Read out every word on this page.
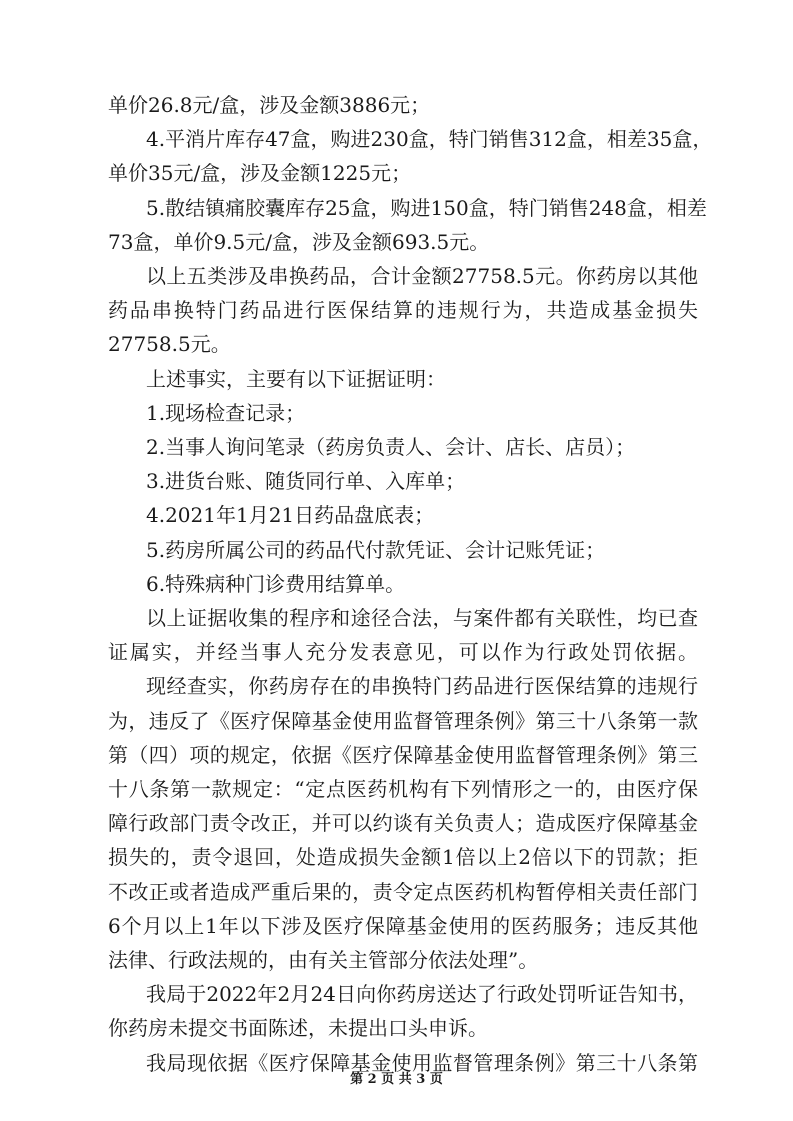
单价26.8元/盒，涉及金额3886元；
4.平消片库存47盒，购进230盒，特门销售312盒，相差35盒，
单价35元/盒，涉及金额1225元；
5.散结镇痛胶囊库存25盒，购进150盒，特门销售248盒，相差
73盒，单价9.5元/盒，涉及金额693.5元。
以上五类涉及串换药品，合计金额27758.5元。你药房以其他
药品串换特门药品进行医保结算的违规行为，共造成基金损失
27758.5元。
上述事实，主要有以下证据证明：
1.现场检查记录；
2.当事人询问笔录（药房负责人、会计、店长、店员）；
3.进货台账、随货同行单、入库单；
4.2021年1月21日药品盘底表；
5.药房所属公司的药品代付款凭证、会计记账凭证；
6.特殊病种门诊费用结算单。
以上证据收集的程序和途径合法，与案件都有关联性，均已查
证属实，并经当事人充分发表意见，可以作为行政处罚依据。
现经查实，你药房存在的串换特门药品进行医保结算的违规行
为，违反了《医疗保障基金使用监督管理条例》第三十八条第一款
第（四）项的规定，依据《医疗保障基金使用监督管理条例》第三
十八条第一款规定：“定点医药机构有下列情形之一的，由医疗保
障行政部门责令改正，并可以约谈有关负责人；造成医疗保障基金
损失的，责令退回，处造成损失金额1倍以上2倍以下的罚款；拒
不改正或者造成严重后果的，责令定点医药机构暂停相关责任部门
6个月以上1年以下涉及医疗保障基金使用的医药服务；违反其他
法律、行政法规的，由有关主管部分依法处理”。
我局于2022年2月24日向你药房送达了行政处罚听证告知书，
你药房未提交书面陈述，未提出口头申诉。
我局现依据《医疗保障基金使用监督管理条例》第三十八条第
第 2 页 共 3 页
